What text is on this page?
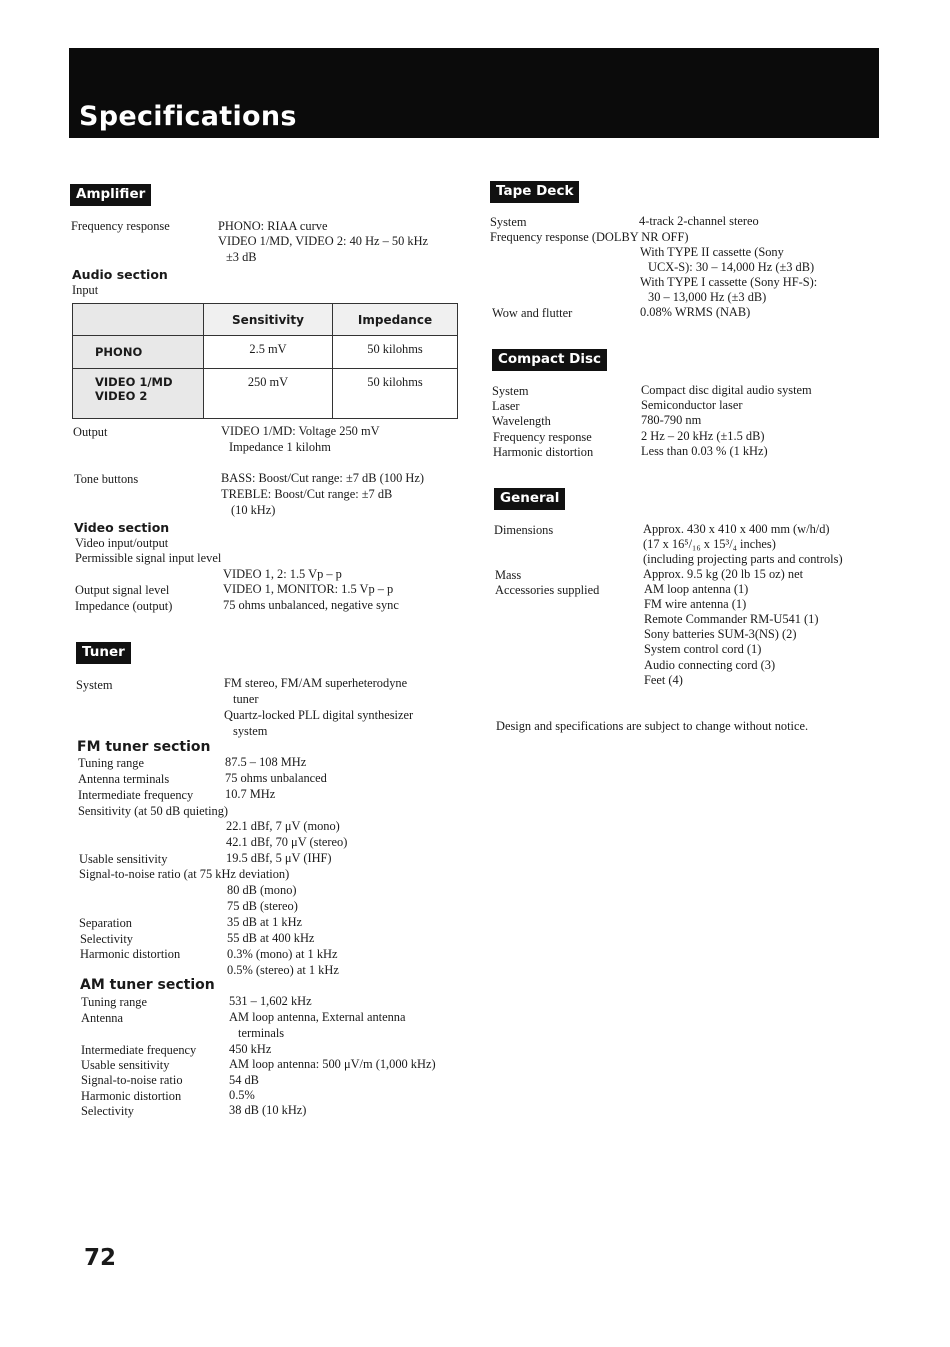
Specifications
Amplifier
Frequency response	PHONO: RIAA curve
VIDEO 1/MD, VIDEO 2: 40 Hz – 50 kHz
±3 dB
Audio section
Input
	Sensitivity	Impedance
PHONO	2.5 mV	50 kilohms

VIDEO 1/MD
VIDEO 2	250 mV	50 kilohms
Output	VIDEO 1/MD: Voltage 250 mV
Impedance 1 kilohm
Tone buttons	BASS: Boost/Cut range: ±7 dB (100 Hz)
TREBLE: Boost/Cut range: ±7 dB
(10 kHz)
Video section
Video input/output
Permissible signal input level
VIDEO 1, 2: 1.5 Vp – p
Output signal level	VIDEO 1, MONITOR: 1.5 Vp – p
Impedance (output)	75 ohms unbalanced, negative sync
Tuner
System	FM stereo, FM/AM superheterodyne
tuner
Quartz-locked PLL digital synthesizer
system
FM tuner section
Tuning range	87.5 – 108 MHz
Antenna terminals	75 ohms unbalanced
Intermediate frequency	10.7 MHz
Sensitivity (at 50 dB quieting)
22.1 dBf, 7 μV (mono)
42.1 dBf, 70 μV (stereo)
Usable sensitivity	19.5 dBf, 5 μV (IHF)
Signal-to-noise ratio (at 75 kHz deviation)
80 dB (mono)
75 dB (stereo)
Separation	35 dB at 1 kHz
Selectivity	55 dB at 400 kHz
Harmonic distortion	0.3% (mono) at 1 kHz
0.5% (stereo) at 1 kHz
AM tuner section
Tuning range	531 – 1,602 kHz
Antenna	AM loop antenna, External antenna
terminals
Intermediate frequency	450 kHz
Usable sensitivity	AM loop antenna: 500 μV/m (1,000 kHz)
Signal-to-noise ratio	54 dB
Harmonic distortion	0.5%
Selectivity	38 dB (10 kHz)
Tape Deck
System	4-track 2-channel stereo
Frequency response (DOLBY NR OFF)
With TYPE II cassette (Sony
UCX-S): 30 – 14,000 Hz (±3 dB)
With TYPE I cassette (Sony HF-S):
30 – 13,000 Hz (±3 dB)
Wow and flutter	0.08% WRMS (NAB)
Compact Disc
System	Compact disc digital audio system
Laser	Semiconductor laser
Wavelength	780-790 nm
Frequency response	2 Hz – 20 kHz (±1.5 dB)
Harmonic distortion	Less than 0.03 % (1 kHz)
General
Dimensions	Approx. 430 x 410 x 400 mm (w/h/d)
(17 x 16⁵/₁₆ x 15³/₄ inches)
(including projecting parts and controls)
Mass	Approx. 9.5 kg (20 lb 15 oz) net
Accessories supplied	AM loop antenna (1)
FM wire antenna (1)
Remote Commander RM-U541 (1)
Sony batteries SUM-3(NS) (2)
System control cord (1)
Audio connecting cord (3)
Feet (4)
Design and specifications are subject to change without notice.
72
